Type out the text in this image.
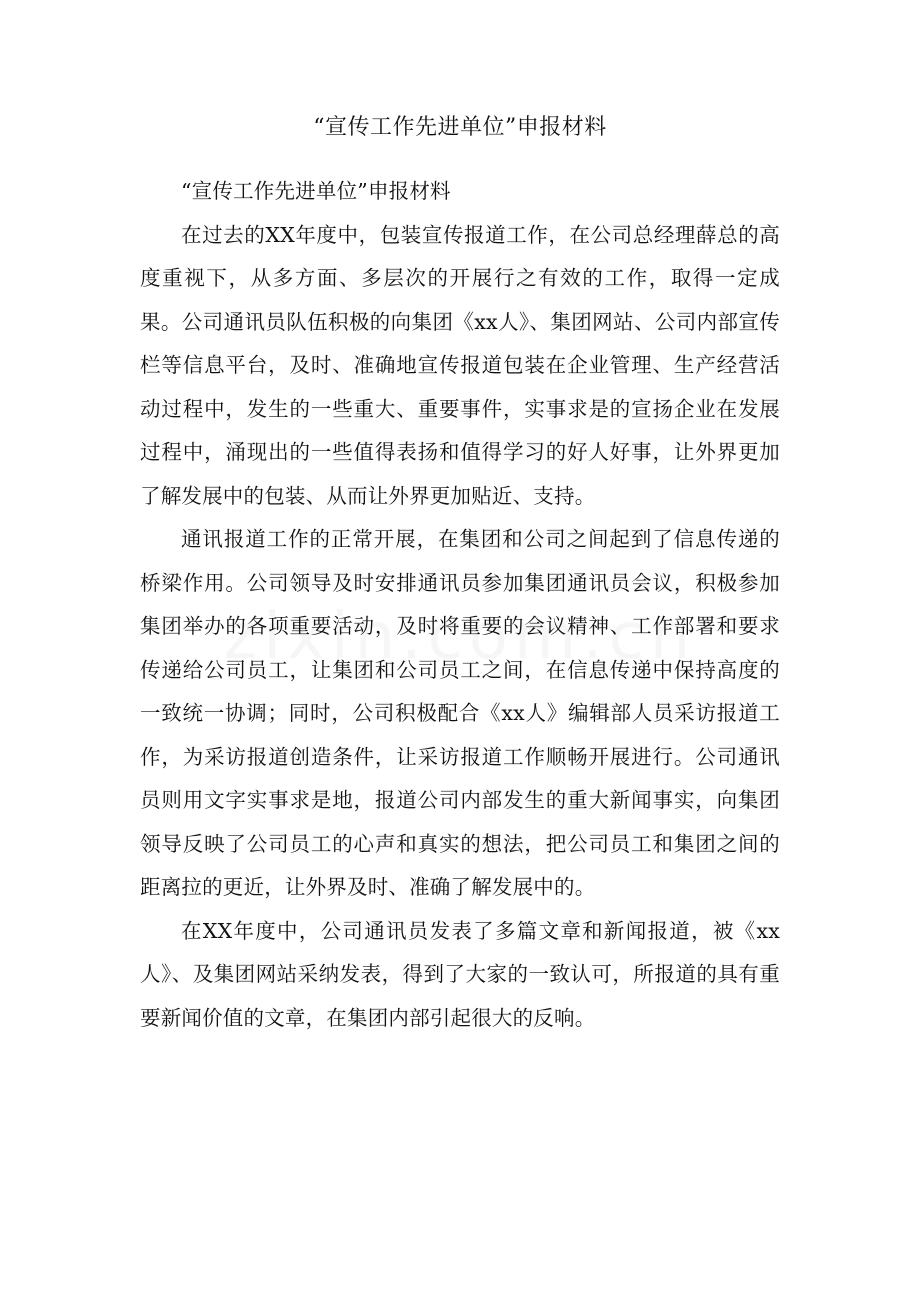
“宣传工作先进单位”申报材料

“宣传工作先进单位”申报材料

在过去的XX年度中，包装宣传报道工作，在公司总经理薛总的高度重视下，从多方面、多层次的开展行之有效的工作，取得一定成果。公司通讯员队伍积极的向集团《xx人》、集团网站、公司内部宣传栏等信息平台，及时、准确地宣传报道包装在企业管理、生产经营活动过程中，发生的一些重大、重要事件，实事求是的宣扬企业在发展过程中，涌现出的一些值得表扬和值得学习的好人好事，让外界更加了解发展中的包装、从而让外界更加贴近、支持。

通讯报道工作的正常开展，在集团和公司之间起到了信息传递的桥梁作用。公司领导及时安排通讯员参加集团通讯员会议，积极参加集团举办的各项重要活动，及时将重要的会议精神、工作部署和要求传递给公司员工，让集团和公司员工之间，在信息传递中保持高度的一致统一协调；同时，公司积极配合《xx人》编辑部人员采访报道工作，为采访报道创造条件，让采访报道工作顺畅开展进行。公司通讯员则用文字实事求是地，报道公司内部发生的重大新闻事实，向集团领导反映了公司员工的心声和真实的想法，把公司员工和集团之间的距离拉的更近，让外界及时、准确了解发展中的。

在XX年度中，公司通讯员发表了多篇文章和新闻报道，被《xx人》、及集团网站采纳发表，得到了大家的一致认可，所报道的具有重要新闻价值的文章，在集团内部引起很大的反响。
